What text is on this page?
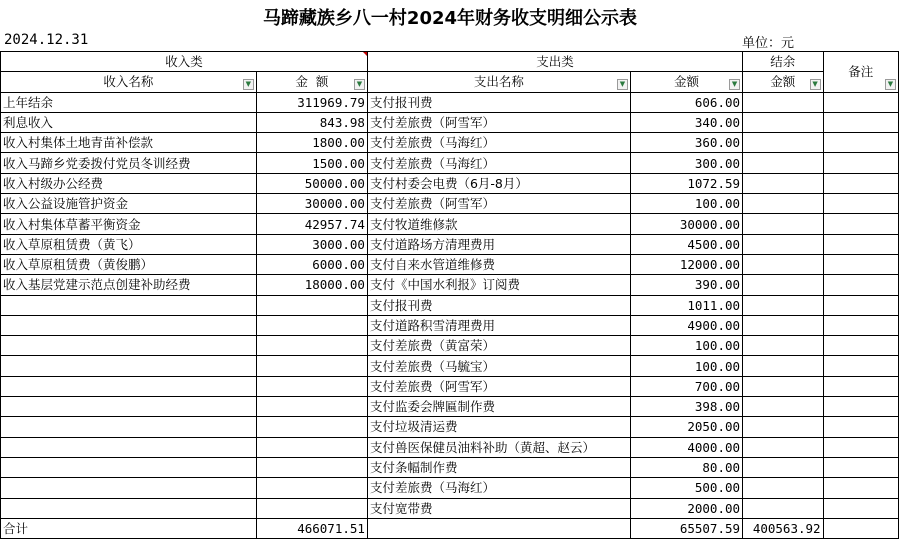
马蹄藏族乡八一村2024年财务收支明细公示表
2024.12.31	单位：元
收入类		支出类		结余	备注
▼

收入名称 ▼	金  额 ▼	支出名称 ▼	金额 ▼	金额 ▼	

上年结余	311969.79	支付报刊费	606.00		
利息收入	843.98	支付差旅费（阿雪军）	340.00		
收入村集体土地青苗补偿款	1800.00	支付差旅费（马海红）	360.00		
收入马蹄乡党委拨付党员冬训经费	1500.00	支付差旅费（马海红）	300.00		
收入村级办公经费	50000.00	支付村委会电费（6月-8月）	1072.59		
收入公益设施管护资金	30000.00	支付差旅费（阿雪军）	100.00		
收入村集体草蓄平衡资金	42957.74	支付牧道维修款	30000.00		
收入草原租赁费（黄飞）	3000.00	支付道路场方清理费用	4500.00		
收入草原租赁费（黄俊鹏）	6000.00	支付自来水管道维修费	12000.00		
收入基层党建示范点创建补助经费	18000.00	支付《中国水利报》订阅费	390.00		
		支付报刊费	1011.00		
		支付道路积雪清理费用	4900.00		
		支付差旅费（黄富荣）	100.00		
		支付差旅费（马毓宝）	100.00		
		支付差旅费（阿雪军）	700.00		
		支付监委会牌匾制作费	398.00		
		支付垃圾清运费	2050.00		
		支付兽医保健员油料补助（黄超、赵云）	4000.00		
		支付条幅制作费	80.00		
		支付差旅费（马海红）	500.00		
		支付宽带费	2000.00		
合计	466071.51		65507.59	400563.92	
